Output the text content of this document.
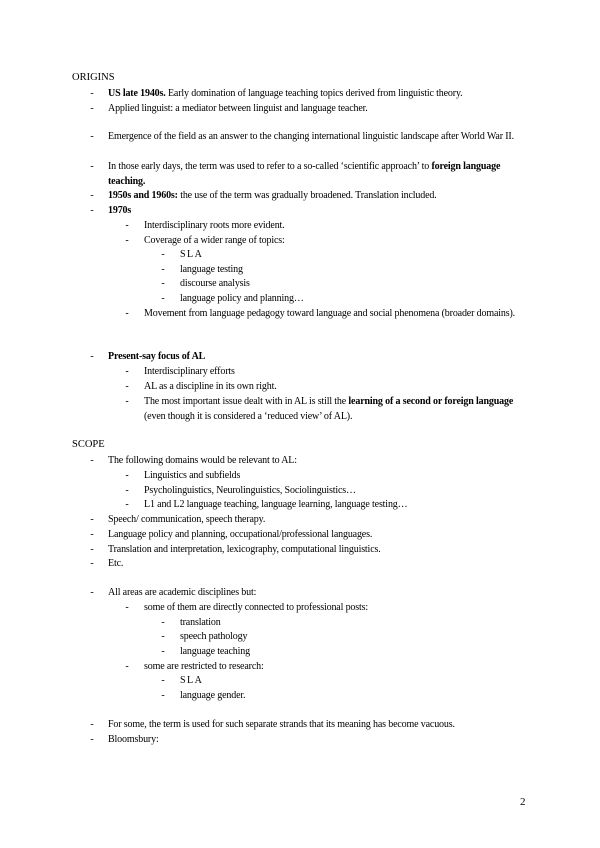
ORIGINS
- US late 1940s. Early domination of language teaching topics derived from linguistic theory.
- Applied linguist: a mediator between linguist and language teacher.
- Emergence of the field as an answer to the changing international linguistic landscape after World War II.
- In those early days, the term was used to refer to a so-called ‘scientific approach’ to foreign language teaching.
- 1950s and 1960s: the use of the term was gradually broadened. Translation included.
- 1970s
- Interdisciplinary roots more evident.
- Coverage of a wider range of topics:
- SLA
- language testing
- discourse analysis
- language policy and planning…
- Movement from language pedagogy toward language and social phenomena (broader domains).
- Present-say focus of AL
- Interdisciplinary efforts
- AL as a discipline in its own right.
- The most important issue dealt with in AL is still the learning of a second or foreign language (even though it is considered a ‘reduced view’ of AL).
SCOPE
- The following domains would be relevant to AL:
- Linguistics and subfields
- Psycholinguistics, Neurolinguistics, Sociolinguistics…
- L1 and L2 language teaching, language learning, language testing…
- Speech/ communication, speech therapy.
- Language policy and planning, occupational/professional languages.
- Translation and interpretation, lexicography, computational linguistics.
- Etc.
- All areas are academic disciplines but:
- some of them are directly connected to professional posts:
- translation
- speech pathology
- language teaching
- some are restricted to research:
- SLA
- language gender.
- For some, the term is used for such separate strands that its meaning has become vacuous.
- Bloomsbury:
2
